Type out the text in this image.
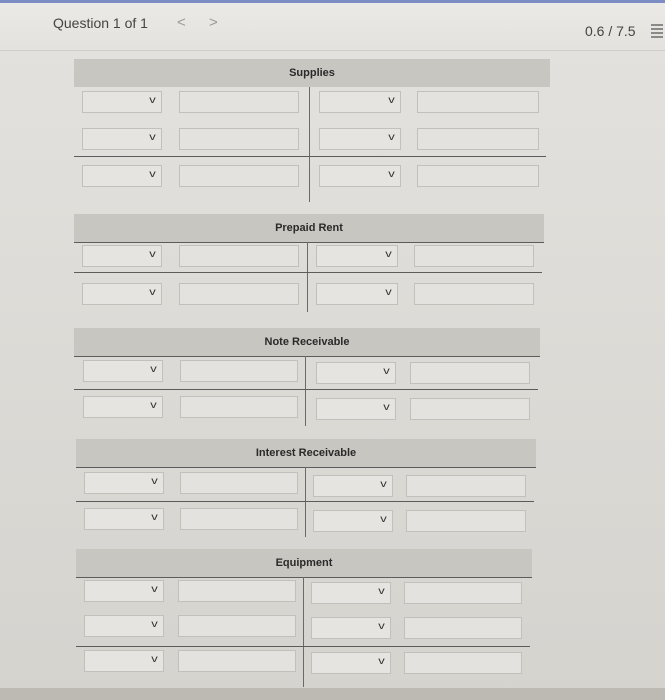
Question 1 of 1 < >	0.6 / 7.5
Supplies
v	v
v	v
v	v
Prepaid Rent
v	v
v	v
Note Receivable
v	v
v	v
Interest Receivable
v	v
v	v
Equipment
v	v
v	v
v	v
